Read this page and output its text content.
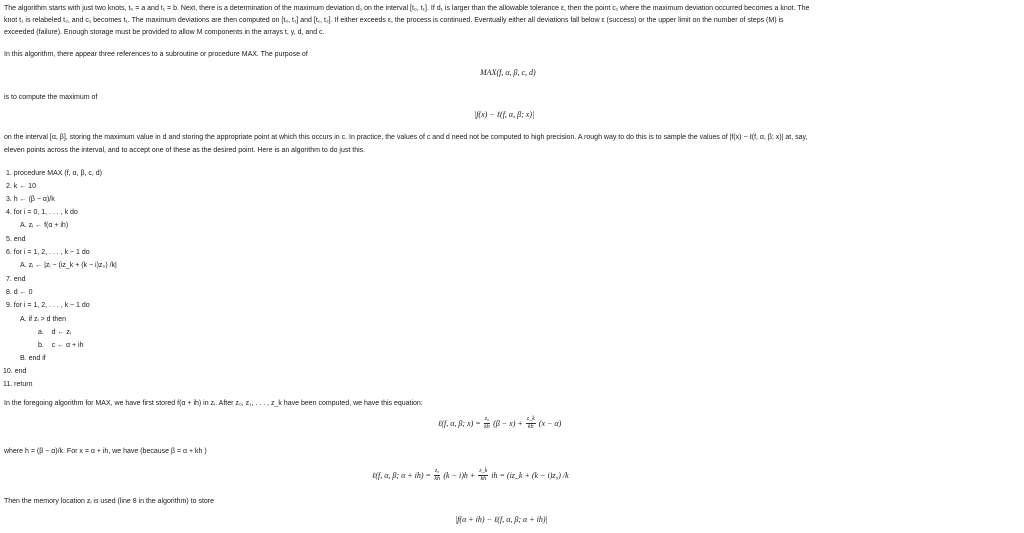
The algorithm starts with just two knots, t₀ = a and t₁ = b. Next, there is a determination of the maximum deviation d₁ on the interval [t₀, t₁]. If d₁ is larger than the allowable tolerance ε, then the point c₁ where the maximum deviation occurred becomes a knot. The
knot t₁ is relabeled t₂, and c₁ becomes t₁. The maximum deviations are then computed on [t₀, t₁] and [t₁, t₂]. If either exceeds ε, the process is continued. Eventually either all deviations fall below ε (success) or the upper limit on the number of steps (M) is
exceeded (failure). Enough storage must be provided to allow M components in the arrays t, y, d, and c.
In this algorithm, there appear three references to a subroutine or procedure MAX. The purpose of
MAX(f, α, β, c, d)
is to compute the maximum of
|f(x) − ℓ(f, α, β; x)|
on the interval [α, β], storing the maximum value in d and storing the appropriate point at which this occurs in c. In practice, the values of c and d need not be computed to high precision. A rough way to do this is to sample the values of |f(x) − ℓ(f, α, β; x)| at, say,
eleven points across the interval, and to accept one of these as the desired point. Here is an algorithm to do just this.
1. procedure MAX (f, α, β, c, d)
2. k ← 10
3. h ← (β − α)/k
4. for i = 0, 1, . . . , k do
A. zᵢ ← f(α + ih)
5. end
6. for i = 1, 2, . . . , k − 1 do
A. zᵢ ← |zᵢ − (iz_k + (k − i)z₀) /k|
7. end
8. d ← 0
9. for i = 1, 2, . . . , k − 1 do
A. if zᵢ > d then
a. d ← zᵢ
b. c ← α + ih
B. end if
10. end
11. return
In the foregoing algorithm for MAX, we have first stored f(α + ih) in zᵢ. After z₀, z₁, . . . , z_k have been computed, we have this equation:
ℓ(f, α, β; $x) = \frac{\text{z₀}}{kh} (\beta - x) + \frac{z\_k}{kh} (x - \alpha)$
where h = (β − α)/k. For x = α + ih, we have (because β = α + kh )
ℓ(f, α, β; $\alpha + ih) = \frac{\text{z₀}}{kh} (k - i)h + \frac{z\_k}{kh}$ ih = (iz_k + (k − i)z₀) /k
Then the memory location zᵢ is used (line 8 in the algorithm) to store
|f(α + ih) − ℓ(f, α, β; α + ih)|
